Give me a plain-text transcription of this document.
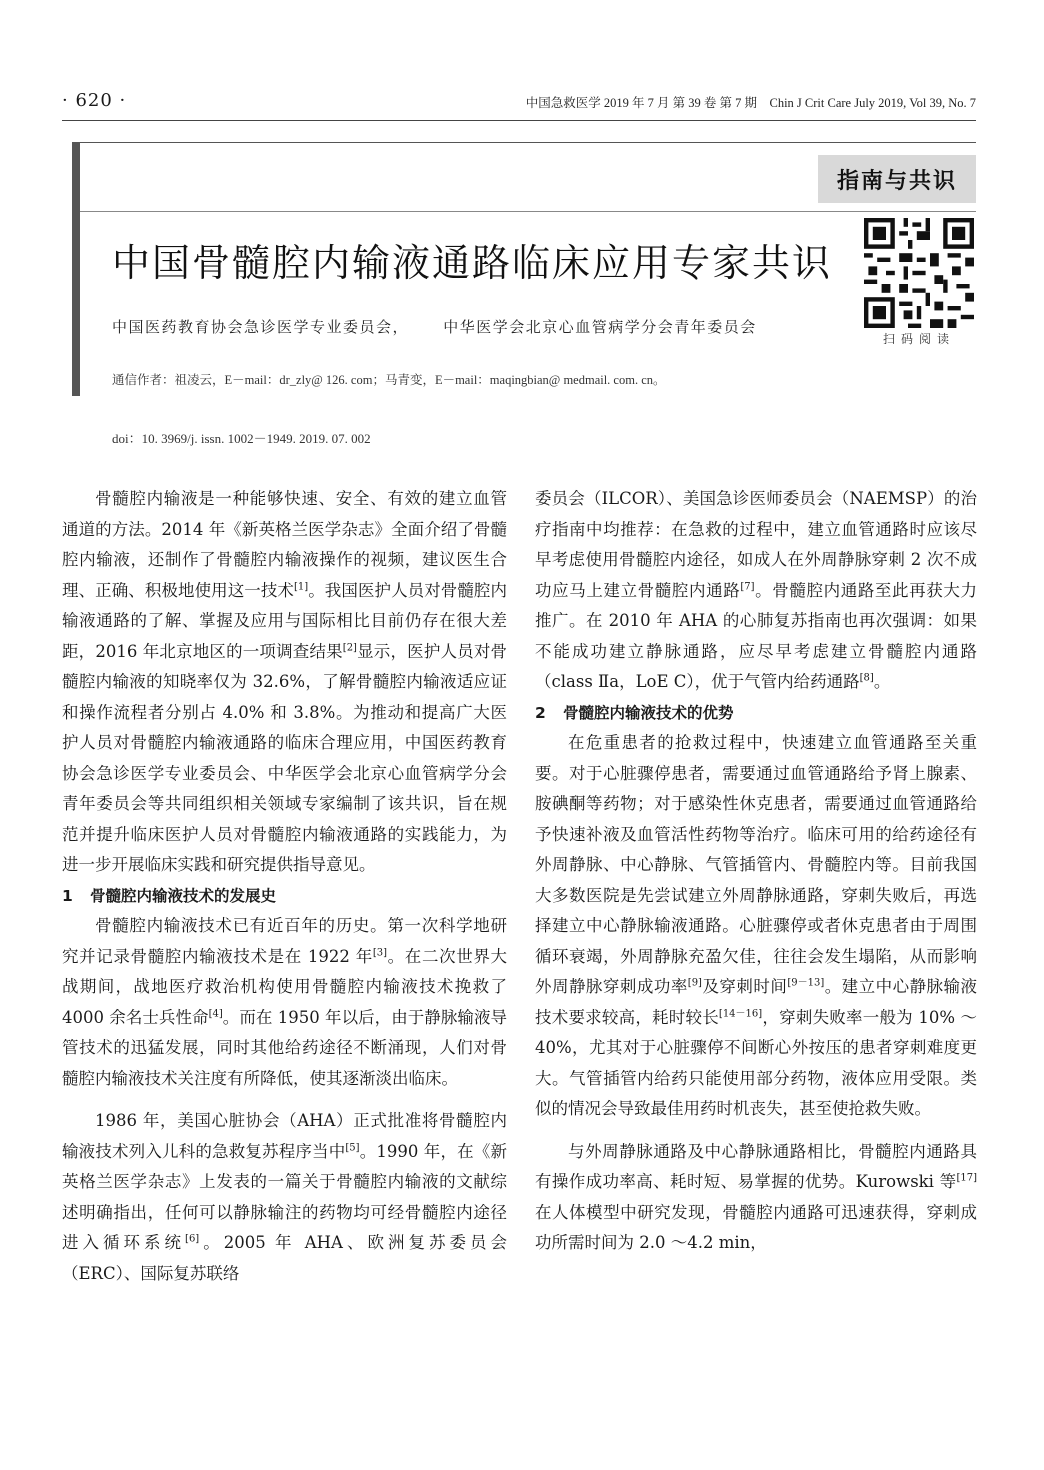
· 620 ·	中国急救医学 2019 年 7 月 第 39 卷 第 7 期　Chin J Crit Care July 2019, Vol 39, No. 7
指南与共识
中国骨髓腔内输液通路临床应用专家共识
扫码阅读
中国医药教育协会急诊医学专业委员会， 中华医学会北京心血管病学分会青年委员会
通信作者：祖凌云，E－mail：dr_zly@ 126. com；马青变，E－mail：maqingbian@ medmail. com. cn。
doi：10. 3969/j. issn. 1002－1949. 2019. 07. 002

骨髓腔内输液是一种能够快速、安全、有效的建立血管通道的方法。2014 年《新英格兰医学杂志》全面介绍了骨髓腔内输液，还制作了骨髓腔内输液操作的视频，建议医生合理、正确、积极地使用这一技术[1]。我国医护人员对骨髓腔内输液通路的了解、掌握及应用与国际相比目前仍存在很大差距，2016 年北京地区的一项调查结果[2]显示，医护人员对骨髓腔内输液的知晓率仅为 32.6%，了解骨髓腔内输液适应证和操作流程者分别占 4.0% 和 3.8%。为推动和提高广大医护人员对骨髓腔内输液通路的临床合理应用，中国医药教育协会急诊医学专业委员会、中华医学会北京心血管病学分会青年委员会等共同组织相关领域专家编制了该共识，旨在规范并提升临床医护人员对骨髓腔内输液通路的实践能力，为进一步开展临床实践和研究提供指导意见。

1 骨髓腔内输液技术的发展史

骨髓腔内输液技术已有近百年的历史。第一次科学地研究并记录骨髓腔内输液技术是在 1922 年[3]。在二次世界大战期间，战地医疗救治机构使用骨髓腔内输液技术挽救了4000 余名士兵性命[4]。而在 1950 年以后，由于静脉输液导管技术的迅猛发展，同时其他给药途径不断涌现，人们对骨髓腔内输液技术关注度有所降低，使其逐渐淡出临床。

1986 年，美国心脏协会（AHA）正式批准将骨髓腔内输液技术列入儿科的急救复苏程序当中[5]。1990 年，在《新英格兰医学杂志》上发表的一篇关于骨髓腔内输液的文献综述明确指出，任何可以静脉输注的药物均可经骨髓腔内途径进入循环系统[6]。2005 年 AHA、欧洲复苏委员会（ERC）、国际复苏联络

委员会（ILCOR）、美国急诊医师委员会（NAEMSP）的治疗指南中均推荐：在急救的过程中，建立血管通路时应该尽早考虑使用骨髓腔内途径，如成人在外周静脉穿刺 2 次不成功应马上建立骨髓腔内通路[7]。骨髓腔内通路至此再获大力推广。在 2010 年 AHA 的心肺复苏指南也再次强调：如果不能成功建立静脉通路，应尽早考虑建立骨髓腔内通路（class Ⅱa，LoE C），优于气管内给药通路[8]。

2 骨髓腔内输液技术的优势

在危重患者的抢救过程中，快速建立血管通路至关重要。对于心脏骤停患者，需要通过血管通路给予肾上腺素、胺碘酮等药物；对于感染性休克患者，需要通过血管通路给予快速补液及血管活性药物等治疗。临床可用的给药途径有外周静脉、中心静脉、气管插管内、骨髓腔内等。目前我国大多数医院是先尝试建立外周静脉通路，穿刺失败后，再选择建立中心静脉输液通路。心脏骤停或者休克患者由于周围循环衰竭，外周静脉充盈欠佳，往往会发生塌陷，从而影响外周静脉穿刺成功率[9]及穿刺时间[9－13]。建立中心静脉输液技术要求较高，耗时较长[14－16]，穿刺失败率一般为 10% ～40%，尤其对于心脏骤停不间断心外按压的患者穿刺难度更大。气管插管内给药只能使用部分药物，液体应用受限。类似的情况会导致最佳用药时机丧失，甚至使抢救失败。

与外周静脉通路及中心静脉通路相比，骨髓腔内通路具有操作成功率高、耗时短、易掌握的优势。Kurowski 等[17]在人体模型中研究发现，骨髓腔内通路可迅速获得，穿刺成功所需时间为 2.0 ～4.2 min，
